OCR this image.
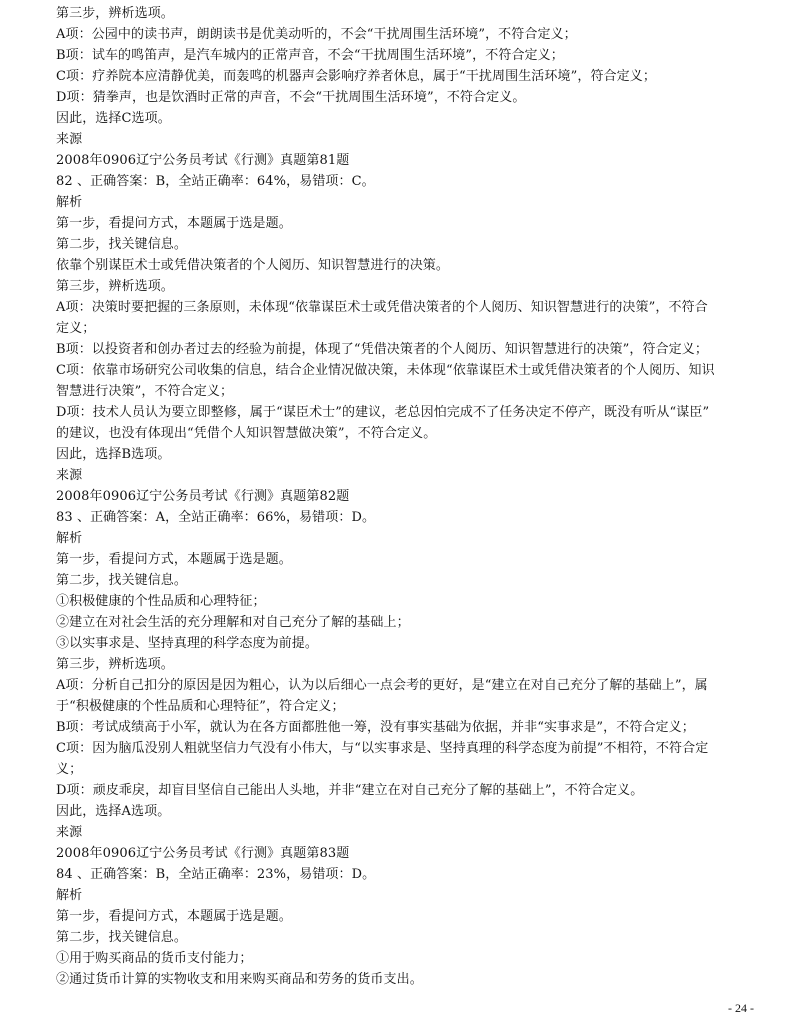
第三步，辨析选项。
A项：公园中的读书声，朗朗读书是优美动听的，不会“干扰周围生活环境”，不符合定义；
B项：试车的鸣笛声，是汽车城内的正常声音，不会“干扰周围生活环境”，不符合定义；
C项：疗养院本应清静优美，而轰鸣的机器声会影响疗养者休息，属于“干扰周围生活环境”，符合定义；
D项：猜拳声，也是饮酒时正常的声音，不会“干扰周围生活环境”，不符合定义。
因此，选择C选项。
来源
2008年0906辽宁公务员考试《行测》真题第81题
82 、正确答案：B，全站正确率：64%，易错项：C。
解析
第一步，看提问方式，本题属于选是题。
第二步，找关键信息。
依靠个别谋臣术士或凭借决策者的个人阅历、知识智慧进行的决策。
第三步，辨析选项。
A项：决策时要把握的三条原则，未体现“依靠谋臣术士或凭借决策者的个人阅历、知识智慧进行的决策”，不符合
定义；
B项：以投资者和创办者过去的经验为前提，体现了“凭借决策者的个人阅历、知识智慧进行的决策”，符合定义；
C项：依靠市场研究公司收集的信息，结合企业情况做决策，未体现“依靠谋臣术士或凭借决策者的个人阅历、知识
智慧进行决策”，不符合定义；
D项：技术人员认为要立即整修，属于“谋臣术士”的建议，老总因怕完成不了任务决定不停产，既没有听从“谋臣”
的建议，也没有体现出“凭借个人知识智慧做决策”，不符合定义。
因此，选择B选项。
来源
2008年0906辽宁公务员考试《行测》真题第82题
83 、正确答案：A，全站正确率：66%，易错项：D。
解析
第一步，看提问方式，本题属于选是题。
第二步，找关键信息。
①积极健康的个性品质和心理特征；
②建立在对社会生活的充分理解和对自己充分了解的基础上；
③以实事求是、坚持真理的科学态度为前提。
第三步，辨析选项。
A项：分析自己扣分的原因是因为粗心，认为以后细心一点会考的更好，是“建立在对自己充分了解的基础上”，属
于“积极健康的个性品质和心理特征”，符合定义；
B项：考试成绩高于小军，就认为在各方面都胜他一筹，没有事实基础为依据，并非“实事求是”，不符合定义；
C项：因为脑瓜没别人粗就坚信力气没有小伟大，与“以实事求是、坚持真理的科学态度为前提”不相符，不符合定
义；
D项：顽皮乖戾，却盲目坚信自己能出人头地，并非“建立在对自己充分了解的基础上”，不符合定义。
因此，选择A选项。
来源
2008年0906辽宁公务员考试《行测》真题第83题
84 、正确答案：B，全站正确率：23%，易错项：D。
解析
第一步，看提问方式，本题属于选是题。
第二步，找关键信息。
①用于购买商品的货币支付能力；
②通过货币计算的实物收支和用来购买商品和劳务的货币支出。
- 24 -
